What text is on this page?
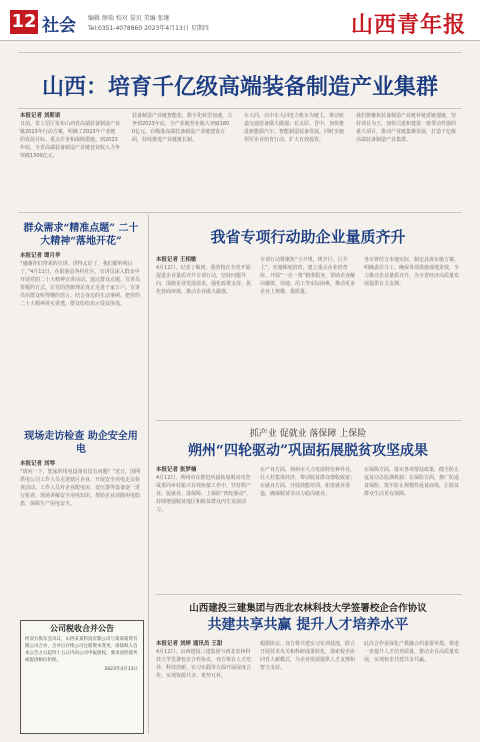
12 社会 编辑 薛瑞 校对 晏贝 美编 张继
Tel:0351-4078860 2023年4月13日 星期四	山西青年报
山西：培育千亿级高端装备制造产业集群
本报记者 刘斯诺
日前，省工信厅发布山西省高端装备制造产业链2023年行动方案，明确了2023年产业链的发展目标、重点任务和保障措施。到2023年底，全省高端装备制造产业链营业收入力争突破1300亿元。
装备制造产业链智能化、数字化转型加速，力争到2023年底，全产业链营业收入突破1800亿元。在瞄准高端装备制造产业链建设方面，持续推进产业链链长制。
在大同，以中车大同电力机车为链主，推动轨道交通装备做大做强；在太原、晋中，加快推进新能源汽车、智能制造装备发展。同时实施领军企业培育行动，扩大有效投资。
我们将聚焦装备制造产业链补链延链强链，坚持项目为王，加快引进和建设一批带动性强的重大项目，推动产业链集聚发展，打造千亿级高端装备制造产业集群。
群众需求“精准点题” 二十大精神“落地开花”
本报记者 谭月华
“感谢你们带来的宣讲，讲得太好了，我们都听明白了。”4月11日，在阳曲县各村社区，宣讲员深入群众中开展党的二十大精神宣讲活动。通过群众点题、宣讲员答题的方式，让党的创新理论真正走进千家万户。宣讲员用群众听得懂的语言，结合身边的生动事例，把党的二十大精神讲实讲透，群众纷纷表示受益匪浅。
现场走访检查 助企安全用电
本报记者 刘琴
“请问一下，您家的用电设备有没有问题？”近日，国网供电公司工作人员走进辖区企业，开展安全用电走访检查活动。工作人员对企业配电房、变压器等设备逐一进行检查，现场讲解安全用电知识，帮助企业消除用电隐患，保障生产用电安全。
公司税收合并公告
经双方股东会决议，山西某某科技有限公司与某某商贸有限公司合并，合并后存续公司注册资本变更。请债权人自本公告之日起四十五日内向公司申报债权，要求清偿债务或提供相应担保。
2023年4月13日
我省专项行动助企业量质齐升
本报记者 王相敏
4月12日，记者了解到，我省将在全省开展促进企业量质齐升专项行动，坚持问题导向，围绕企业发展需求，强化政策支持，优化营商环境，推动企业做大做强。
专项行动将聚焦“小升规、规升巨、巨升上”，实施梯度培育，建立重点企业培育库，开展“一企一策”精准服务，帮助企业解决融资、用地、用工等实际困难，推动更多企业上规模、提质量。
各市将结合本地实际，制定具体实施方案，明确责任分工，确保各项措施落地见效，全力推动企业量质齐升，为全省经济高质量发展提供有力支撑。
抓产业 促就业 落保障 上保险
朔州“四轮驱动”巩固拓展脱贫攻坚成果
本报记者 张梦楠
4月12日，朔州市在推进巩固拓展脱贫攻坚成果同乡村振兴有效衔接工作中，坚持抓产业、促就业、落保障、上保险“四轮驱动”，持续增强脱贫地区和脱贫群众内生发展动力。
在产业方面，朔州市大力发展特色种养业，壮大村集体经济，带动脱贫群众增收致富；在就业方面，开展技能培训，拓宽就业渠道，确保脱贫劳动力稳岗就业。
在保障方面，落实各项帮扶政策，健全防止返贫动态监测机制；在保险方面，推广防返贫保险，筑牢防止规模性返贫底线，让脱贫群众生活更有保障。
山西建投三建集团与西北农林科技大学签署校企合作协议
共建共享共赢 提升人才培养水平
本报记者 刘婷 通讯员 王甜
4月12日，山西建投三建集团与西北农林科技大学签署校企合作协议，双方将在人才培养、科技创新、实习实践等方面开展深度合作，实现资源共享、优势互补。
根据协议，双方将共建实习实训基地，联合开展技术攻关和科研成果转化，探索校企协同育人新模式，为企业发展提供人才支撑和智力支持。
此次合作是深化产教融合的重要举措，将进一步提升人才培养质量，推动企业高质量发展，实现校企共建共享共赢。
